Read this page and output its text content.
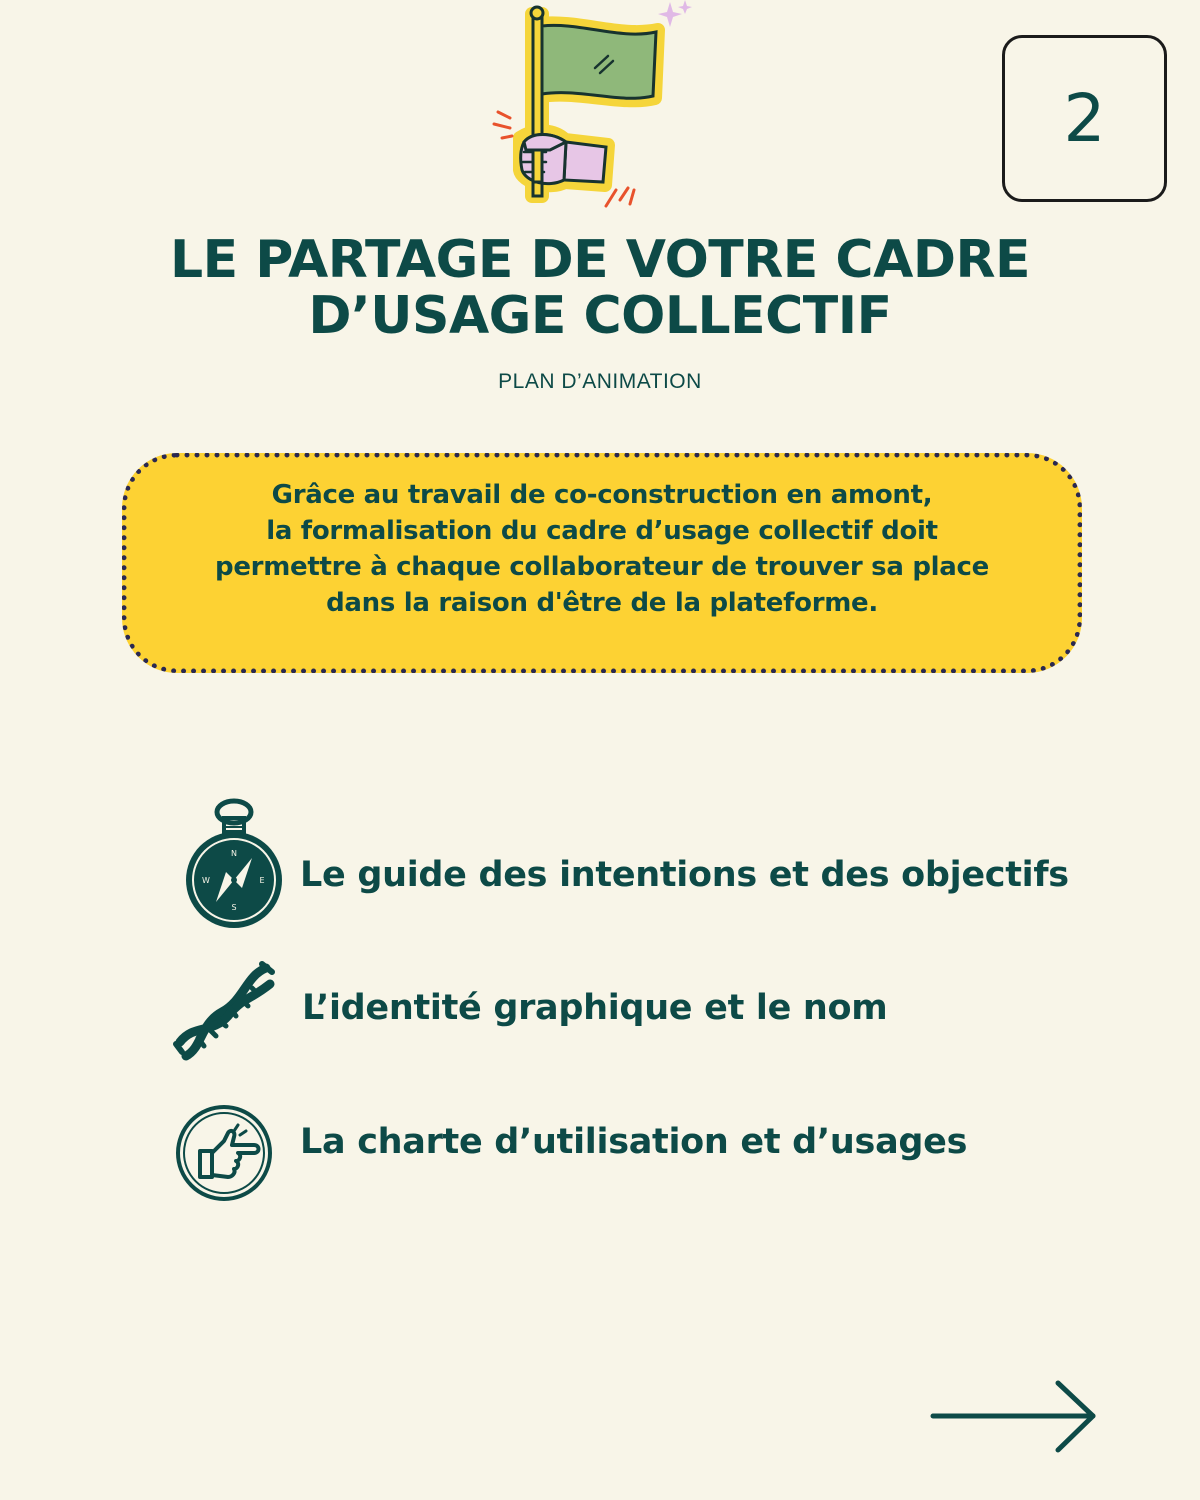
2
LE PARTAGE DE VOTRE CADRE
D’USAGE COLLECTIF
PLAN D’ANIMATION
Grâce au travail de co-construction en amont,
la formalisation du cadre d’usage collectif doit
permettre à chaque collaborateur de trouver sa place
dans la raison d'être de la plateforme.
N
S
E
W	Le guide des intentions et des objectifs
L’identité graphique et le nom
La charte d’utilisation et d’usages
